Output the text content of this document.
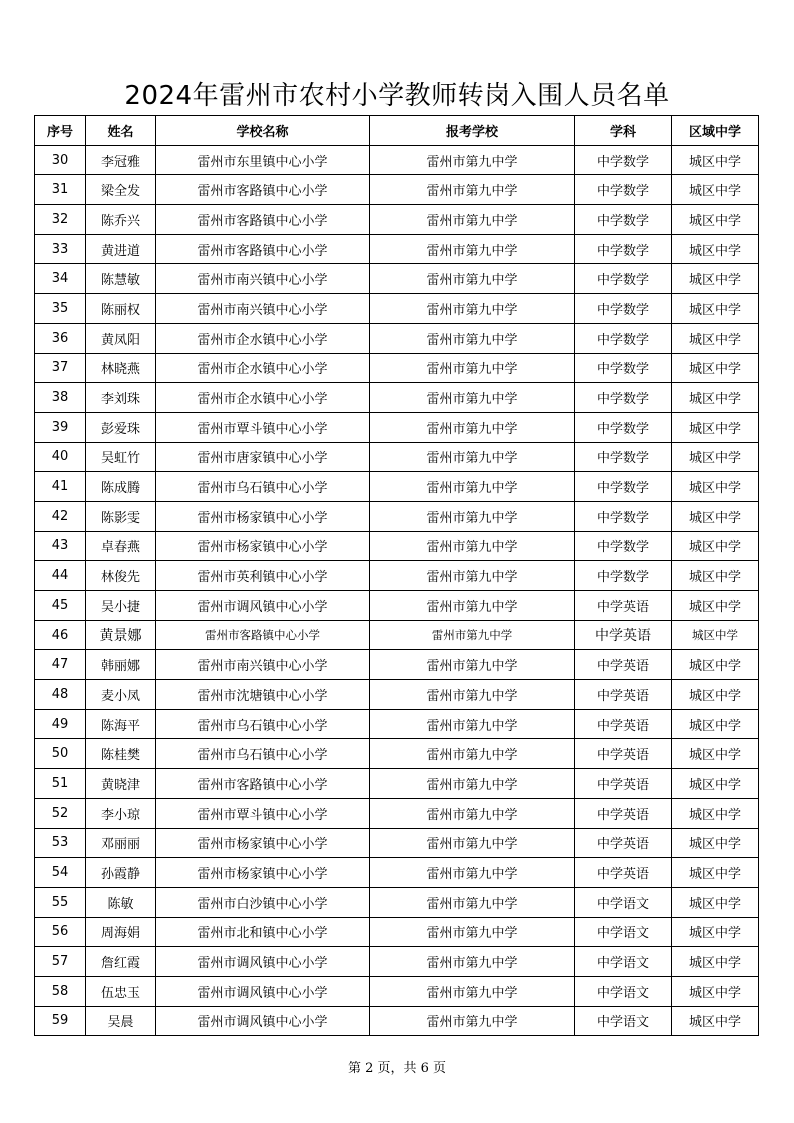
2024年雷州市农村小学教师转岗入围人员名单
序号	姓名	学校名称	报考学校	学科	区域中学
30	李冠雅	雷州市东里镇中心小学	雷州市第九中学	中学数学	城区中学
31	梁全发	雷州市客路镇中心小学	雷州市第九中学	中学数学	城区中学
32	陈乔兴	雷州市客路镇中心小学	雷州市第九中学	中学数学	城区中学
33	黄进道	雷州市客路镇中心小学	雷州市第九中学	中学数学	城区中学
34	陈慧敏	雷州市南兴镇中心小学	雷州市第九中学	中学数学	城区中学
35	陈丽权	雷州市南兴镇中心小学	雷州市第九中学	中学数学	城区中学
36	黄凤阳	雷州市企水镇中心小学	雷州市第九中学	中学数学	城区中学
37	林晓燕	雷州市企水镇中心小学	雷州市第九中学	中学数学	城区中学
38	李刘珠	雷州市企水镇中心小学	雷州市第九中学	中学数学	城区中学
39	彭爱珠	雷州市覃斗镇中心小学	雷州市第九中学	中学数学	城区中学
40	吴虹竹	雷州市唐家镇中心小学	雷州市第九中学	中学数学	城区中学
41	陈成腾	雷州市乌石镇中心小学	雷州市第九中学	中学数学	城区中学
42	陈影雯	雷州市杨家镇中心小学	雷州市第九中学	中学数学	城区中学
43	卓春燕	雷州市杨家镇中心小学	雷州市第九中学	中学数学	城区中学
44	林俊先	雷州市英利镇中心小学	雷州市第九中学	中学数学	城区中学
45	吴小捷	雷州市调风镇中心小学	雷州市第九中学	中学英语	城区中学
46	黄景娜	雷州市客路镇中心小学	雷州市第九中学	中学英语	城区中学
47	韩丽娜	雷州市南兴镇中心小学	雷州市第九中学	中学英语	城区中学
48	麦小凤	雷州市沈塘镇中心小学	雷州市第九中学	中学英语	城区中学
49	陈海平	雷州市乌石镇中心小学	雷州市第九中学	中学英语	城区中学
50	陈桂樊	雷州市乌石镇中心小学	雷州市第九中学	中学英语	城区中学
51	黄晓津	雷州市客路镇中心小学	雷州市第九中学	中学英语	城区中学
52	李小琼	雷州市覃斗镇中心小学	雷州市第九中学	中学英语	城区中学
53	邓丽丽	雷州市杨家镇中心小学	雷州市第九中学	中学英语	城区中学
54	孙霞静	雷州市杨家镇中心小学	雷州市第九中学	中学英语	城区中学
55	陈敏	雷州市白沙镇中心小学	雷州市第九中学	中学语文	城区中学
56	周海娟	雷州市北和镇中心小学	雷州市第九中学	中学语文	城区中学
57	詹红霞	雷州市调风镇中心小学	雷州市第九中学	中学语文	城区中学
58	伍忠玉	雷州市调风镇中心小学	雷州市第九中学	中学语文	城区中学
59	吴晨	雷州市调风镇中心小学	雷州市第九中学	中学语文	城区中学
第 2 页，共 6 页
